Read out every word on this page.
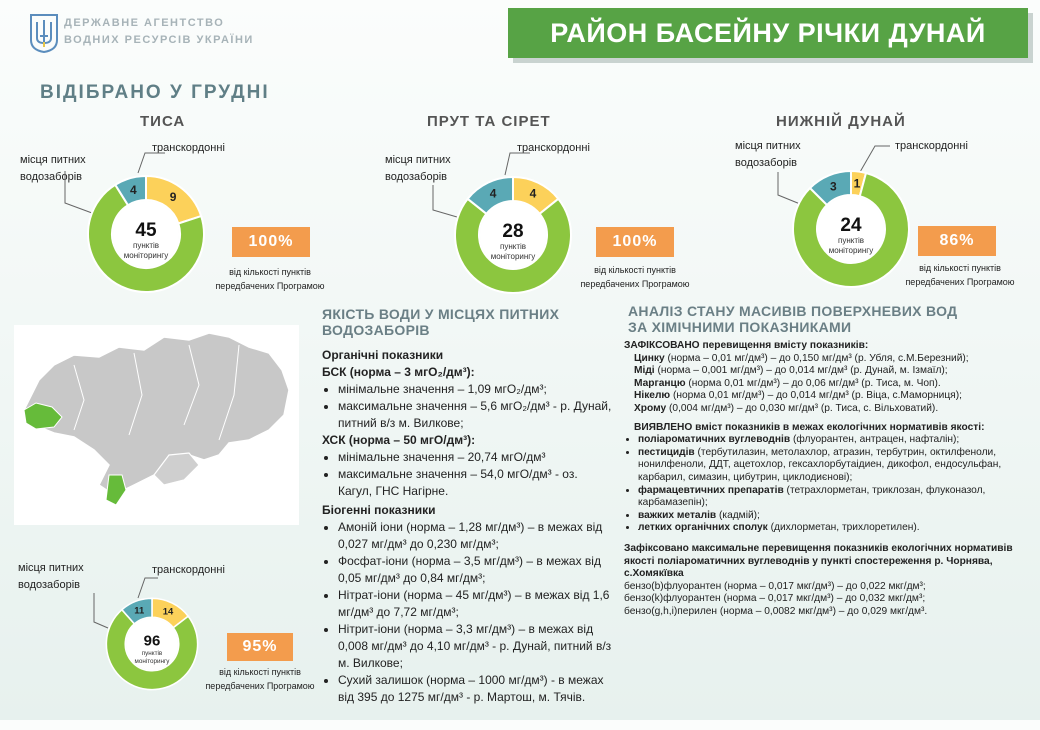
ДЕРЖАВНЕ АГЕНТСТВО
ВОДНИХ РЕСУРСІВ УКРАЇНИ	РАЙОН БАСЕЙНУ РІЧКИ ДУНАЙ
ВІДІБРАНО У ГРУДНІ
ТИСА	ПРУТ ТА СІРЕТ	НИЖНІЙ ДУНАЙ
місця питних водозаборів
транскордонні
9
4
45
пунктів
моніторингу
100%
від кількості пунктів
передбачених Програмою
місця питних водозаборів
транскордонні
4
4
28
пунктів
моніторингу
100%
від кількості пунктів
передбачених Програмою
місця питних водозаборів
транскордонні
1
3
24
пунктів
моніторингу
86%
від кількості пунктів
передбачених Програмою
місця питних водозаборів
транскордонні
14
11
96
пунктів
моніторингу
95%
від кількості пунктів
передбачених Програмою
ЯКІСТЬ ВОДИ У МІСЦЯХ ПИТНИХ ВОДОЗАБОРІВ
Органічні показники
БСК (норма – 3 мгО₂/дм³):
• мінімальне значення – 1,09 мгО₂/дм³;
• максимальне значення – 5,6 мгО₂/дм³ - р. Дунай, питний в/з м. Вилкове;
ХСК (норма – 50 мгО/дм³):
• мінімальне значення – 20,74 мгО/дм³
• максимальне значення – 54,0 мгО/дм³ - оз. Кагул, ГНС Нагірне.
Біогенні показники
• Амоній іони (норма – 1,28 мг/дм³) – в межах від 0,027 мг/дм³ до 0,230 мг/дм³;
• Фосфат-іони (норма – 3,5 мг/дм³) – в межах від 0,05 мг/дм³ до 0,84 мг/дм³;
• Нітрат-іони (норма – 45 мг/дм³) – в межах від 1,6 мг/дм³ до 7,72 мг/дм³;
• Нітрит-іони (норма – 3,3 мг/дм³) – в межах від 0,008 мг/дм³ до 4,10 мг/дм³ - р. Дунай, питний в/з м. Вилкове;
• Сухий залишок (норма – 1000 мг/дм³) - в межах від 395 до 1275 мг/дм³ - р. Мартош, м. Тячів.
АНАЛІЗ СТАНУ МАСИВІВ ПОВЕРХНЕВИХ ВОД ЗА ХІМІЧНИМИ ПОКАЗНИКАМИ
ЗАФІКСОВАНО перевищення вмісту показників:
Цинку (норма – 0,01 мг/дм³) – до 0,150 мг/дм³ (р. Убля, с.М.Березний);
Міді (норма – 0,001 мг/дм³) – до 0,014 мг/дм³ (р. Дунай, м. Ізмаїл);
Марганцю (норма 0,01 мг/дм³) – до 0,06 мг/дм³ (р. Тиса, м. Чоп).
Нікелю (норма 0,01 мг/дм³) – до 0,014 мг/дм³ (р. Віца, с.Маморниця);
Хрому (0,004 мг/дм³) – до 0,030 мг/дм³ (р. Тиса, с. Вільховатий).
ВИЯВЛЕНО вміст показників в межах екологічних нормативів якості:
• поліароматичних вуглеводнів (флуорантен, антрацен, нафталін);
• пестицидів (тербутилазин, метолахлор, атразин, тербутрин, октилфеноли, нонилфеноли, ДДТ, ацетохлор, гексахлорбутаідиен, дикофол, ендосульфан, карбарил, симазин, цибутрин, циклодиєнові);
• фармацевтичних препаратів (тетрахлорметан, триклозан, флуконазол, карбамазепін);
• важких металів (кадмій);
• летких органічних сполук (дихлорметан, трихлоретилен).
Зафіксовано максимальне перевищення показників екологічних нормативів якості поліароматичних вуглеводнів у пункті спостереження р. Чорнява, с.Хомякївка
бензо(b)флуорантен (норма – 0,017 мкг/дм³) – до 0,022 мкг/дм³;
бензо(k)флуорантен (норма – 0,017 мкг/дм³) – до 0,032 мкг/дм³;
бензо(g,h,i)перилен (норма – 0,0082 мкг/дм³) – до 0,029 мкг/дм³.
